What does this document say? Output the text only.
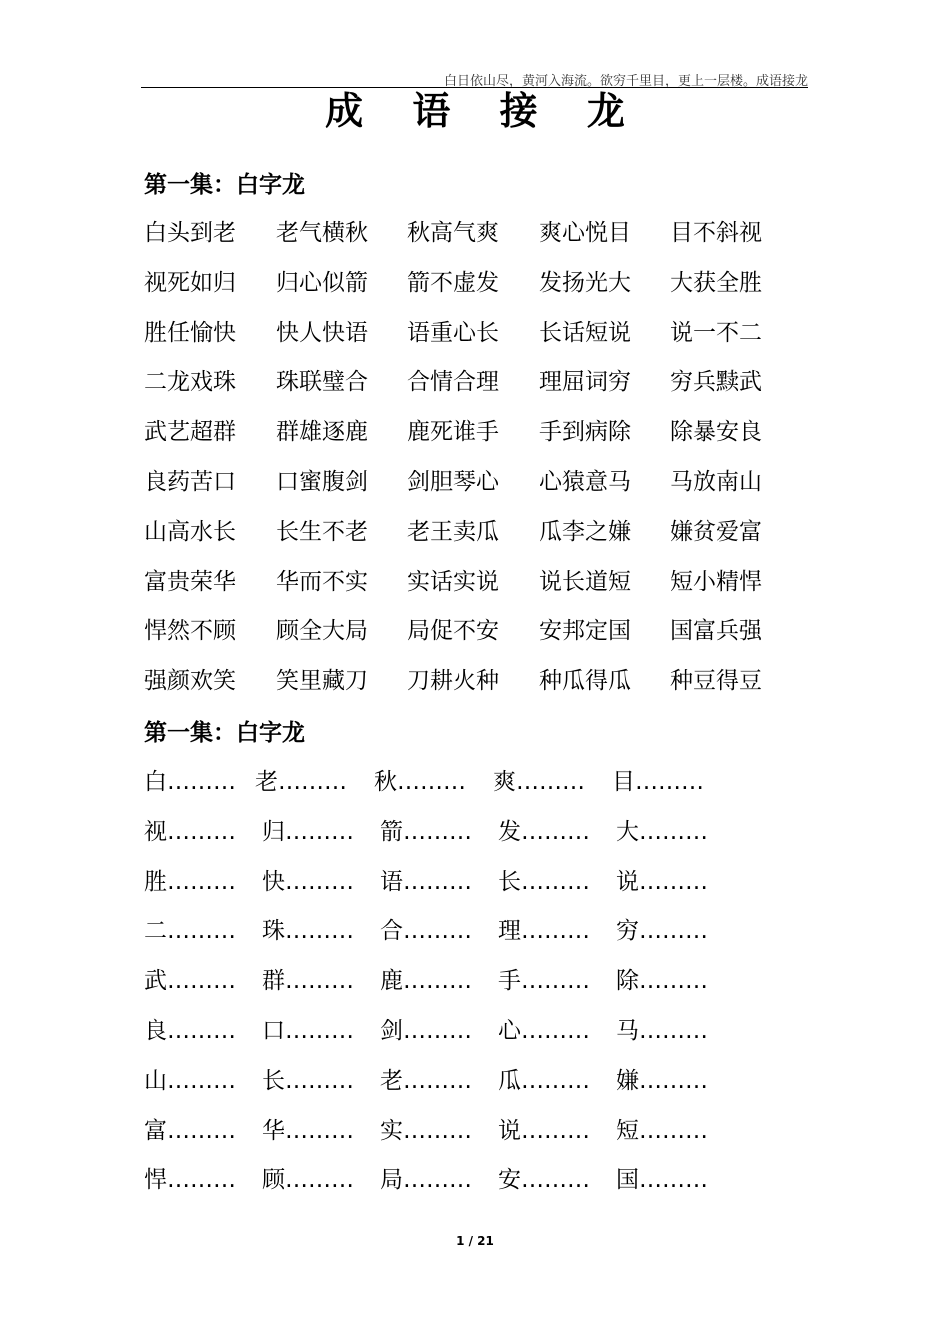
白日依山尽，黄河入海流。欲穷千里目，更上一层楼。成语接龙
成 语 接 龙
第一集：白字龙
白头到老 老气横秋 秋高气爽 爽心悦目 目不斜视
视死如归 归心似箭 箭不虚发 发扬光大 大获全胜
胜任愉快 快人快语 语重心长 长话短说 说一不二
二龙戏珠 珠联璧合 合情合理 理屈词穷 穷兵黩武
武艺超群 群雄逐鹿 鹿死谁手 手到病除 除暴安良
良药苦口 口蜜腹剑 剑胆琴心 心猿意马 马放南山
山高水长 长生不老 老王卖瓜 瓜李之嫌 嫌贫爱富
富贵荣华 华而不实 实话实说 说长道短 短小精悍
悍然不顾 顾全大局 局促不安 安邦定国 国富兵强
强颜欢笑 笑里藏刀 刀耕火种 种瓜得瓜 种豆得豆
第一集：白字龙
白……… 老……… 秋……… 爽……… 目………
视……… 归……… 箭……… 发……… 大………
胜……… 快……… 语……… 长……… 说………
二……… 珠……… 合……… 理……… 穷………
武……… 群……… 鹿……… 手……… 除………
良……… 口……… 剑……… 心……… 马………
山……… 长……… 老……… 瓜……… 嫌………
富……… 华……… 实……… 说……… 短………
悍……… 顾……… 局……… 安……… 国………
1 / 21
